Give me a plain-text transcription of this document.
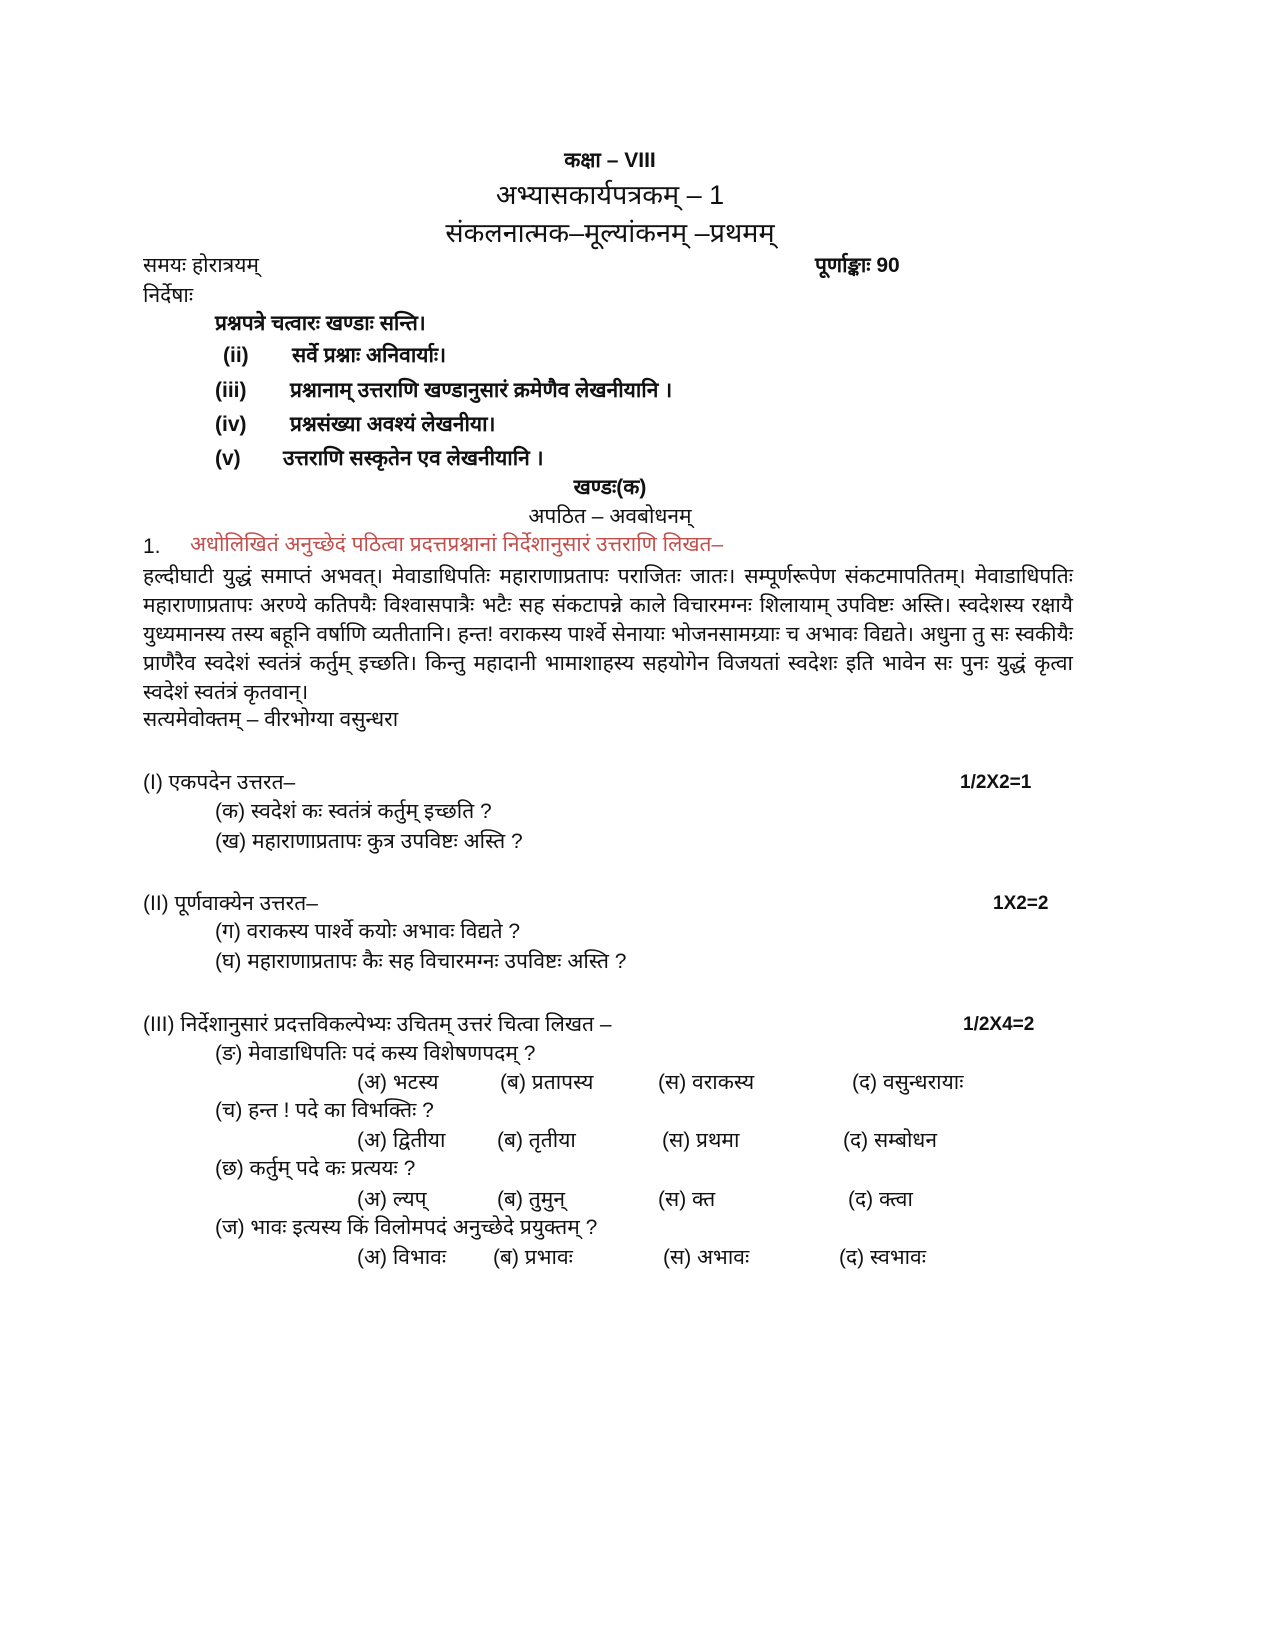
कक्षा – VIII
अभ्यासकार्यपत्रकम् – 1
संकलनात्मक–मूल्यांकनम् –प्रथमम्
समयः होरात्रयम्	पूर्णाङ्काः 90
निर्देषाः
प्रश्नपत्रे चत्वारः खण्डाः सन्ति।
(ii) सर्वे प्रश्नाः अनिवार्याः।
(iii) प्रश्नानाम् उत्तराणि खण्डानुसारं क्रमेणैव लेखनीयानि ।
(iv) प्रश्नसंख्या अवश्यं लेखनीया।
(v) उत्तराणि सस्कृतेन एव लेखनीयानि ।
खण्डः(क)
अपठित – अवबोधनम्
1. अधोलिखितं अनुच्छेदं पठित्वा प्रदत्तप्रश्नानां निर्देशानुसारं उत्तराणि लिखत–
हल्दीघाटी युद्धं समाप्तं अभवत्। मेवाडाधिपतिः महाराणाप्रतापः पराजितः जातः। सम्पूर्णरूपेण संकटमापतितम्। मेवाडाधिपतिः महाराणाप्रतापः अरण्ये कतिपयैः विश्वासपात्रैः भटैः सह संकटापन्ने काले विचारमग्नः शिलायाम् उपविष्टः अस्ति। स्वदेशस्य रक्षायै युध्यमानस्य तस्य बहूनि वर्षाणि व्यतीतानि। हन्त! वराकस्य पार्श्वे सेनायाः भोजनसामग्र्याः च अभावः विद्यते। अधुना तु सः स्वकीयैः प्राणैरैव स्वदेशं स्वतंत्रं कर्तुम् इच्छति। किन्तु महादानी भामाशाहस्य सहयोगेन विजयतां स्वदेशः इति भावेन सः पुनः युद्धं कृत्वा स्वदेशं स्वतंत्रं कृतवान्।
सत्यमेवोक्तम् – वीरभोग्या वसुन्धरा
(I) एकपदेन उत्तरत–	1/2X2=1
(क) स्वदेशं कः स्वतंत्रं कर्तुम् इच्छति ?
(ख) महाराणाप्रतापः कुत्र उपविष्टः अस्ति ?
(II) पूर्णवाक्येन उत्तरत–	1X2=2
(ग) वराकस्य पार्श्वे कयोः अभावः विद्यते ?
(घ) महाराणाप्रतापः कैः सह विचारमग्नः उपविष्टः अस्ति ?
(III) निर्देशानुसारं प्रदत्तविकल्पेभ्यः उचितम् उत्तरं चित्वा लिखत –	1/2X4=2
(ङ) मेवाडाधिपतिः पदं कस्य विशेषणपदम् ?
(अ) भटस्य	(ब) प्रतापस्य	(स) वराकस्य	(द) वसुन्धरायाः
(च) हन्त ! पदे का विभक्तिः ?
(अ) द्वितीया (ब) तृतीया	(स) प्रथमा	(द) सम्बोधन
(छ) कर्तुम् पदे कः प्रत्ययः ?
(अ) ल्यप्	(ब) तुमुन्	(स) क्त	(द) क्त्वा
(ज) भावः इत्यस्य किं विलोमपदं अनुच्छेदे प्रयुक्तम् ?
(अ) विभावः (ब) प्रभावः	(स) अभावः	(द) स्वभावः
